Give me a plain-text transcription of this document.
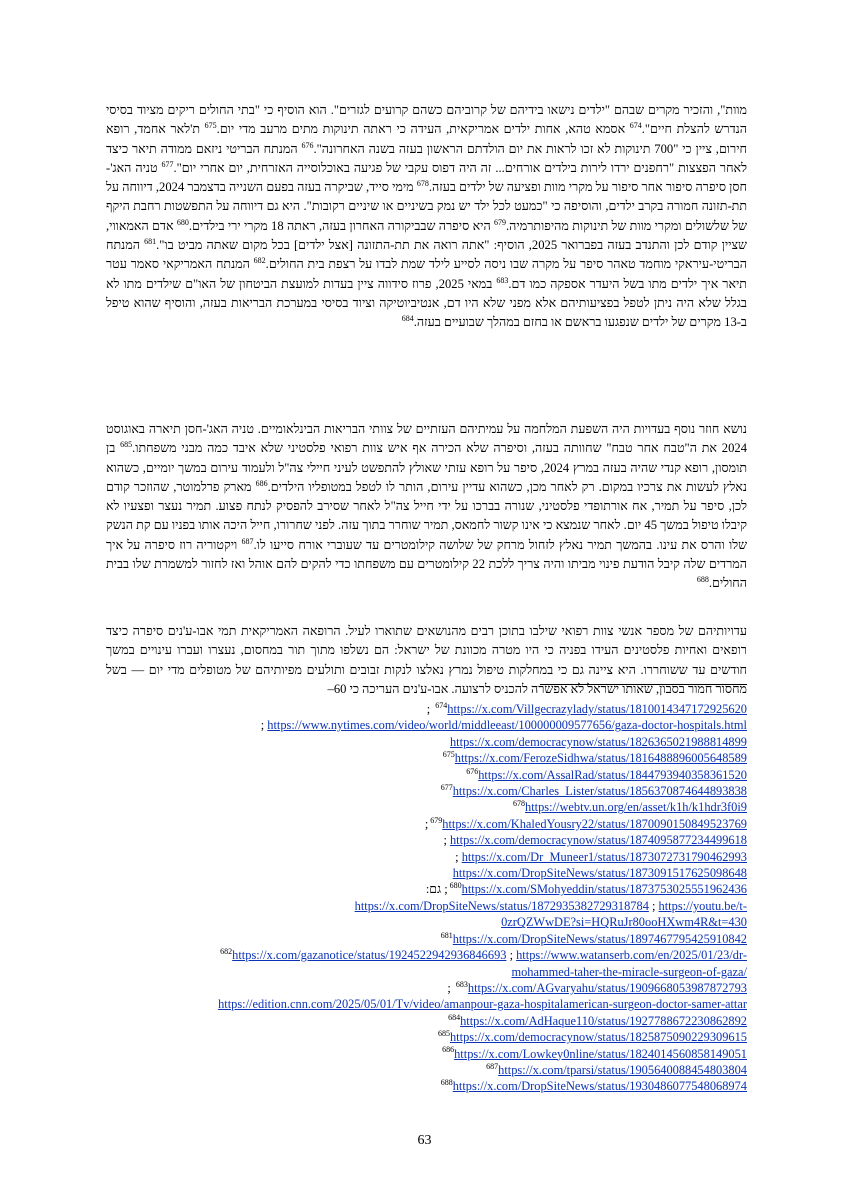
מוות", והזכיר מקרים שבהם "ילדים נישאו בידיהם של קרוביהם כשהם קרועים לגזרים". הוא הוסיף כי "בתי החולים ריקים מציוד בסיסי הנדרש להצלת חיים".$^{674}$ אסמא טהא, אחות ילדים אמריקאית, העידה כי ראתה תינוקות מתים מרעב מדי יום.$^{675}$ ת'לאר אחמד, רופא חירום, ציין כי "700 תינוקות לא זכו לראות את יום הולדתם הראשון בעזה בשנה האחרונה".$^{676}$ המנתח הבריטי ניזאם ממודה תיאר כיצד לאחר הפצצות "רחפנים ירדו לירות בילדים אורחים... זה היה דפוס עקבי של פגיעה באוכלוסייה האזרחית, יום אחרי יום".$^{677}$ טניה האג'-חסן סיפרה סיפור אחר סיפור על מקרי מוות ופציעה של ילדים בעזה.$^{678}$ מימי סייד, שביקרה בעזה בפעם השנייה בדצמבר 2024, דיווחה על תת-תזונה חמורה בקרב ילדים, והוסיפה כי "כמעט לכל ילד יש נמק בשיניים או שיניים רקובות". היא גם דיווחה על התפשטות רחבת היקף של שלשולים ומקרי מוות של תינוקות מהיפותרמיה.$^{679}$ היא סיפרה שבביקורה האחרון בעזה, ראתה 18 מקרי ירי בילדים.$^{680}$ אדם האמאווי, שציין קודם לכן והתנדב בעזה בפברואר 2025, הוסיף: "אתה רואה את תת-התזונה [אצל ילדים] בכל מקום שאתה מביט בו".$^{681}$ המנתח הבריטי-עיראקי מוחמד טאהר סיפר על מקרה שבו ניסה לסייע לילד שמת לבדו על רצפת בית החולים.$^{682}$ המנתח האמריקאי סאמר עטר תיאר איך ילדים מתו בשל היעדר אספקה כמו דם.$^{683}$ במאי 2025, פרוז סידווה ציין בעדות למועצת הביטחון של האו"ם שילדים מתו לא בגלל שלא היה ניתן לטפל בפציעותיהם אלא מפני שלא היו דם, אנטיביוטיקה וציוד בסיסי במערכת הבריאות בעזה, והוסיף שהוא טיפל ב-13 מקרים של ילדים שנפגעו בראשם או בחזם במהלך שבועיים בעזה.$^{684}$

נושא חוזר נוסף בעדויות היה השפעת המלחמה על עמיתיהם העזתיים של צוותי הבריאות הבינלאומיים. טניה האג'-חסן תיארה באוגוסט 2024 את ה"טבח אחר טבח" שחוותה בעזה, וסיפרה שלא הכירה אף איש צוות רפואי פלסטיני שלא איבד כמה מבני משפחתו.$^{685}$ בן תומסון, רופא קנדי שהיה בעזה במרץ 2024, סיפר על רופא עזתי שאולץ להתפשט לעיני חיילי צה"ל ולעמוד עירום במשך יומיים, כשהוא נאלץ לעשות את צרכיו במקום. רק לאחר מכן, כשהוא עדיין עירום, הותר לו לטפל במטופליו הילדים.$^{686}$ מארק פרלמוטר, שהוזכר קודם לכן, סיפר על תמיר, אח אורתופדי פלסטיני, שנורה בברכו על ידי חייל צה"ל לאחר שסירב להפסיק לנתח פצוע. תמיר נעצר ופצעיו לא קיבלו טיפול במשך 45 יום. לאחר שנמצא כי אינו קשור לחמאס, תמיר שוחרר בתוך עזה. לפני שחרורו, חייל היכה אותו בפניו עם קת הנשק שלו והרס את עינו. בהמשך תמיר נאלץ לזחול מרחק של שלושה קילומטרים עד שעוברי אורח סייעו לו.$^{687}$ ויקטוריה רוז סיפרה על איך המרדים שלה קיבל הודעת פינוי מביתו והיה צריך ללכת 22 קילומטרים עם משפחתו כדי להקים להם אוהל ואז לחזור למשמרת שלו בבית החולים.$^{688}$

עדויותיהם של מספר אנשי צוות רפואי שילבו בתוכן רבים מהנושאים שתוארו לעיל. הרופאה האמריקאית תמי אבו-ע'נים סיפרה כיצד רופאים ואחיות פלסטינים העידו בפניה כי היו מטרה מכוונת של ישראל: הם נשלפו מתוך תור במחסום, נעצרו ועברו עינויים במשך חודשים עד ששוחררו. היא ציינה גם כי במחלקות טיפול נמרץ נאלצו לנקות זבובים ותולעים מפיותיהם של מטופלים מדי יום — בשל מחסור חמור בסבון, שאותו ישראל לא אפשרה להכניס לרצועה. אבו-ע'נים העריכה כי 60–

$^{674}$https://x.com/Villgecrazylady/status/1810014347172925620 ;
https://www.nytimes.com/video/world/middleeast/100000009577656/gaza-doctor-hospitals.html ;
https://x.com/democracynow/status/1826365021988814899
$^{675}$https://x.com/FerozeSidhwa/status/1816488896005648589
$^{676}$https://x.com/AssalRad/status/1844793940358361520
$^{677}$https://x.com/Charles_Lister/status/1856370874644893838
$^{678}$https://webtv.un.org/en/asset/k1h/k1hdr3f0i9
$^{679}$https://x.com/KhaledYousry22/status/1870090150849523769;
https://x.com/democracynow/status/1874095877234499618 ;
https://x.com/Dr_Muneer1/status/1873072731790462993 ;
https://x.com/DropSiteNews/status/1873091517625098648
$^{680}$https://x.com/SMohyeddin/status/1873753025551962436; גם:
https://x.com/DropSiteNews/status/1872935382729318784 ; https://youtu.be/t-
0zrQZWwDE?si=HQRuJr80ooHXwm4R&t=430
$^{681}$https://x.com/DropSiteNews/status/1897467795425910842
$^{682}$https://x.com/gazanotice/status/1924522942936846693 ; https://www.watanserb.com/en/2025/01/23/dr-
mohammed-taher-the-miracle-surgeon-of-gaza/
$^{683}$https://x.com/AGvaryahu/status/1909668053987872793 ;
https://edition.cnn.com/2025/05/01/Tv/video/amanpour-gaza-hospitalamerican-surgeon-doctor-samer-attar
$^{684}$https://x.com/AdHaque110/status/1927788672230862892
$^{685}$https://x.com/democracynow/status/1825875090229309615
$^{686}$https://x.com/Lowkey0nline/status/1824014560858149051
$^{687}$https://x.com/tparsi/status/1905640088454803804
$^{688}$https://x.com/DropSiteNews/status/1930486077548068974
63
